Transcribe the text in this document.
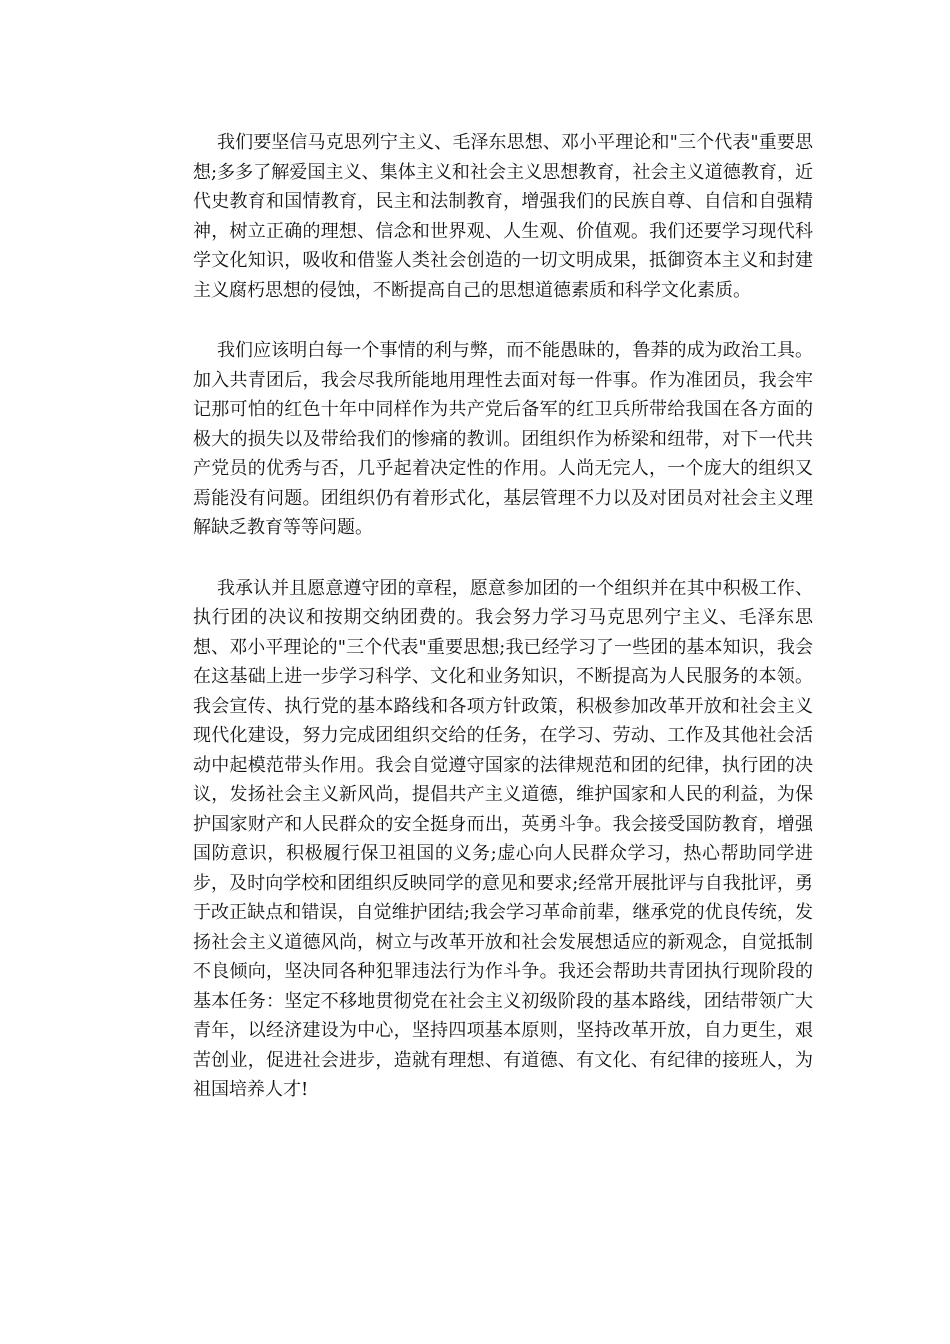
我们要坚信马克思列宁主义、毛泽东思想、邓小平理论和"三个代表"重要思想;多多了解爱国主义、集体主义和社会主义思想教育，社会主义道德教育，近代史教育和国情教育，民主和法制教育，增强我们的民族自尊、自信和自强精神，树立正确的理想、信念和世界观、人生观、价值观。我们还要学习现代科学文化知识，吸收和借鉴人类社会创造的一切文明成果，抵御资本主义和封建主义腐朽思想的侵蚀，不断提高自己的思想道德素质和科学文化素质。

我们应该明白每一个事情的利与弊，而不能愚昧的，鲁莽的成为政治工具。加入共青团后，我会尽我所能地用理性去面对每一件事。作为准团员，我会牢记那可怕的红色十年中同样作为共产党后备军的红卫兵所带给我国在各方面的极大的损失以及带给我们的惨痛的教训。团组织作为桥梁和纽带，对下一代共产党员的优秀与否，几乎起着决定性的作用。人尚无完人，一个庞大的组织又焉能没有问题。团组织仍有着形式化，基层管理不力以及对团员对社会主义理解缺乏教育等等问题。

我承认并且愿意遵守团的章程，愿意参加团的一个组织并在其中积极工作、执行团的决议和按期交纳团费的。我会努力学习马克思列宁主义、毛泽东思想、邓小平理论的"三个代表"重要思想;我已经学习了一些团的基本知识，我会在这基础上进一步学习科学、文化和业务知识，不断提高为人民服务的本领。我会宣传、执行党的基本路线和各项方针政策，积极参加改革开放和社会主义现代化建设，努力完成团组织交给的任务，在学习、劳动、工作及其他社会活动中起模范带头作用。我会自觉遵守国家的法律规范和团的纪律，执行团的决议，发扬社会主义新风尚，提倡共产主义道德，维护国家和人民的利益，为保护国家财产和人民群众的安全挺身而出，英勇斗争。我会接受国防教育，增强国防意识，积极履行保卫祖国的义务;虚心向人民群众学习，热心帮助同学进步，及时向学校和团组织反映同学的意见和要求;经常开展批评与自我批评，勇于改正缺点和错误，自觉维护团结;我会学习革命前辈，继承党的优良传统，发扬社会主义道德风尚，树立与改革开放和社会发展想适应的新观念，自觉抵制不良倾向，坚决同各种犯罪违法行为作斗争。我还会帮助共青团执行现阶段的基本任务：坚定不移地贯彻党在社会主义初级阶段的基本路线，团结带领广大青年，以经济建设为中心，坚持四项基本原则，坚持改革开放，自力更生，艰苦创业，促进社会进步，造就有理想、有道德、有文化、有纪律的接班人，为祖国培养人才!
